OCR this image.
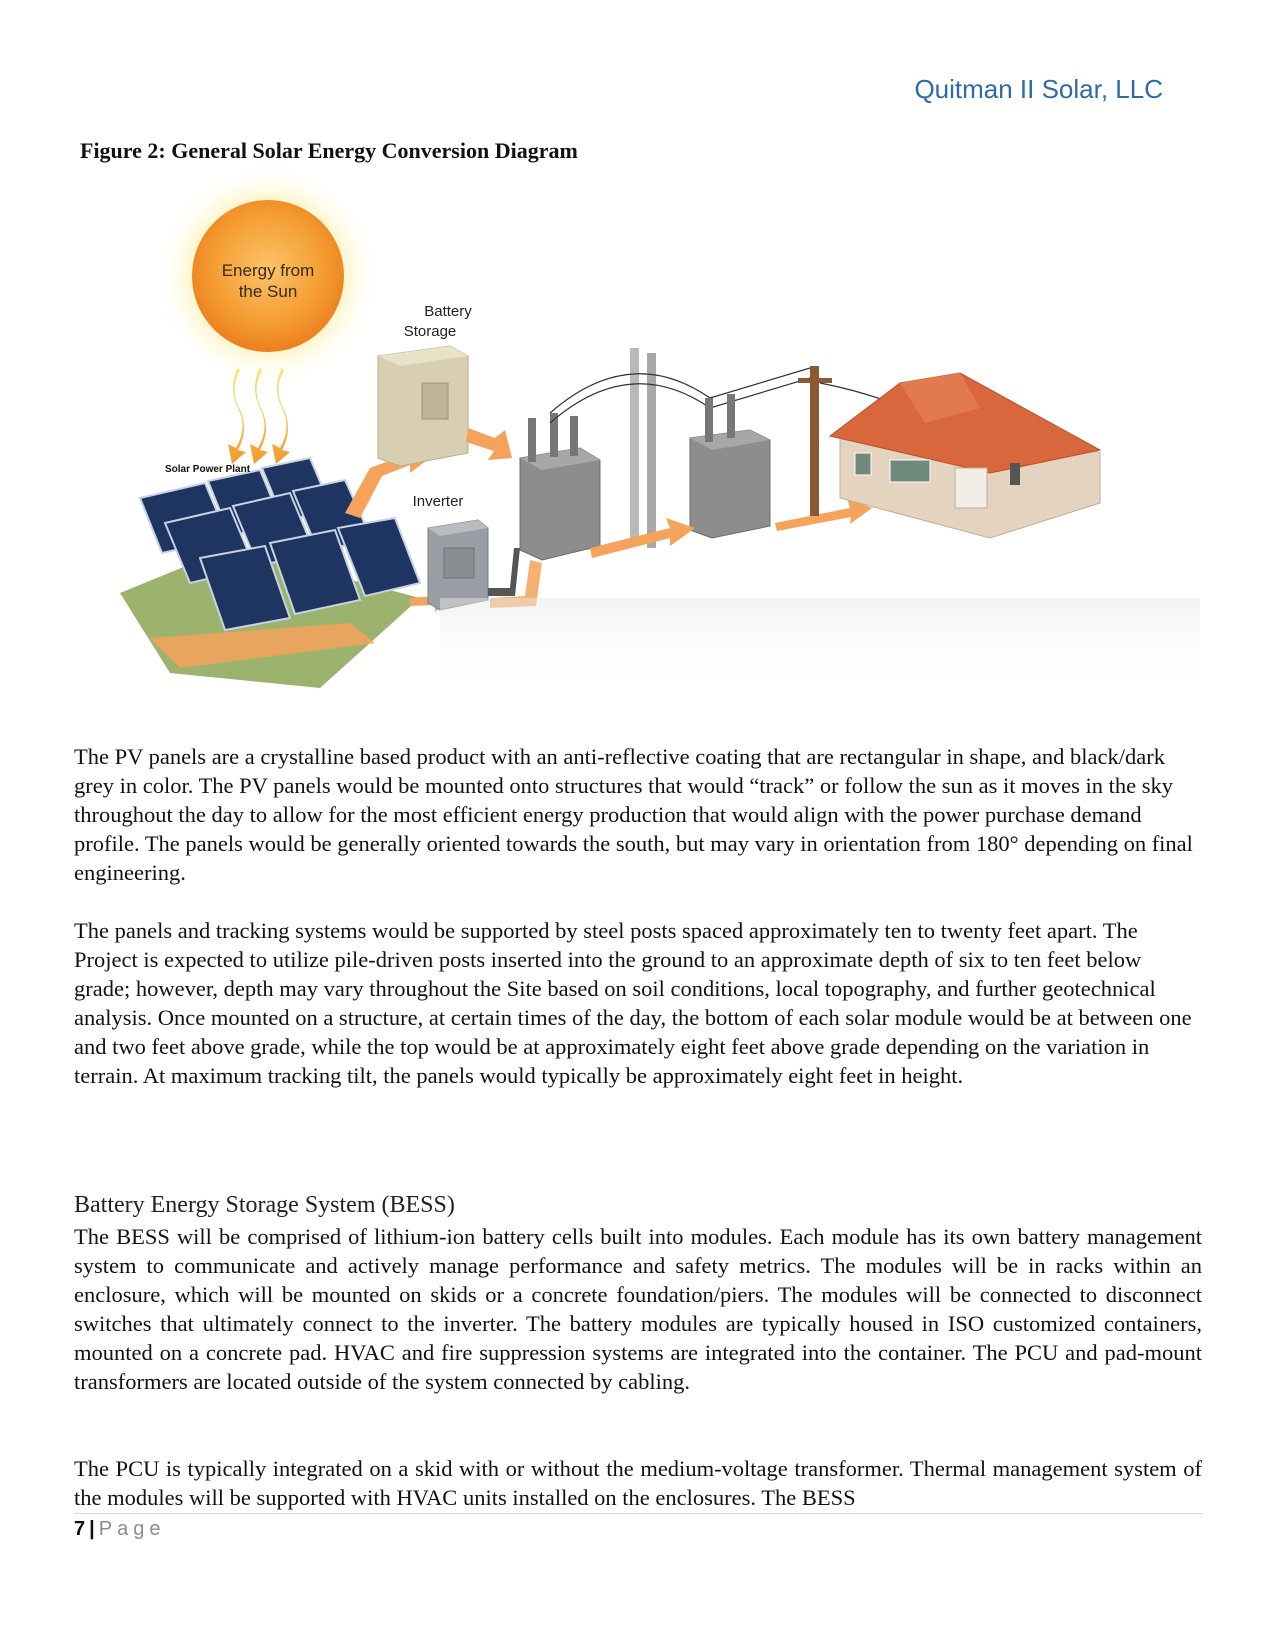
Quitman II Solar, LLC
Figure 2: General Solar Energy Conversion Diagram
Energy from
the Sun
Solar Power Plant
Battery
Storage
Inverter
The PV panels are a crystalline based product with an anti-reflective coating that are rectangular in shape, and black/dark grey in color. The PV panels would be mounted onto structures that would “track” or follow the sun as it moves in the sky throughout the day to allow for the most efficient energy production that would align with the power purchase demand profile. The panels would be generally oriented towards the south, but may vary in orientation from 180° depending on final engineering.
The panels and tracking systems would be supported by steel posts spaced approximately ten to twenty feet apart. The Project is expected to utilize pile-driven posts inserted into the ground to an approximate depth of six to ten feet below grade; however, depth may vary throughout the Site based on soil conditions, local topography, and further geotechnical analysis. Once mounted on a structure, at certain times of the day, the bottom of each solar module would be at between one and two feet above grade, while the top would be at approximately eight feet above grade depending on the variation in terrain. At maximum tracking tilt, the panels would typically be approximately eight feet in height.
Battery Energy Storage System (BESS)
The BESS will be comprised of lithium-ion battery cells built into modules. Each module has its own battery management system to communicate and actively manage performance and safety metrics. The modules will be in racks within an enclosure, which will be mounted on skids or a concrete foundation/piers. The modules will be connected to disconnect switches that ultimately connect to the inverter. The battery modules are typically housed in ISO customized containers, mounted on a concrete pad. HVAC and fire suppression systems are integrated into the container. The PCU and pad-mount transformers are located outside of the system connected by cabling.
The PCU is typically integrated on a skid with or without the medium-voltage transformer. Thermal management system of the modules will be supported with HVAC units installed on the enclosures. The BESS
7 | Page
